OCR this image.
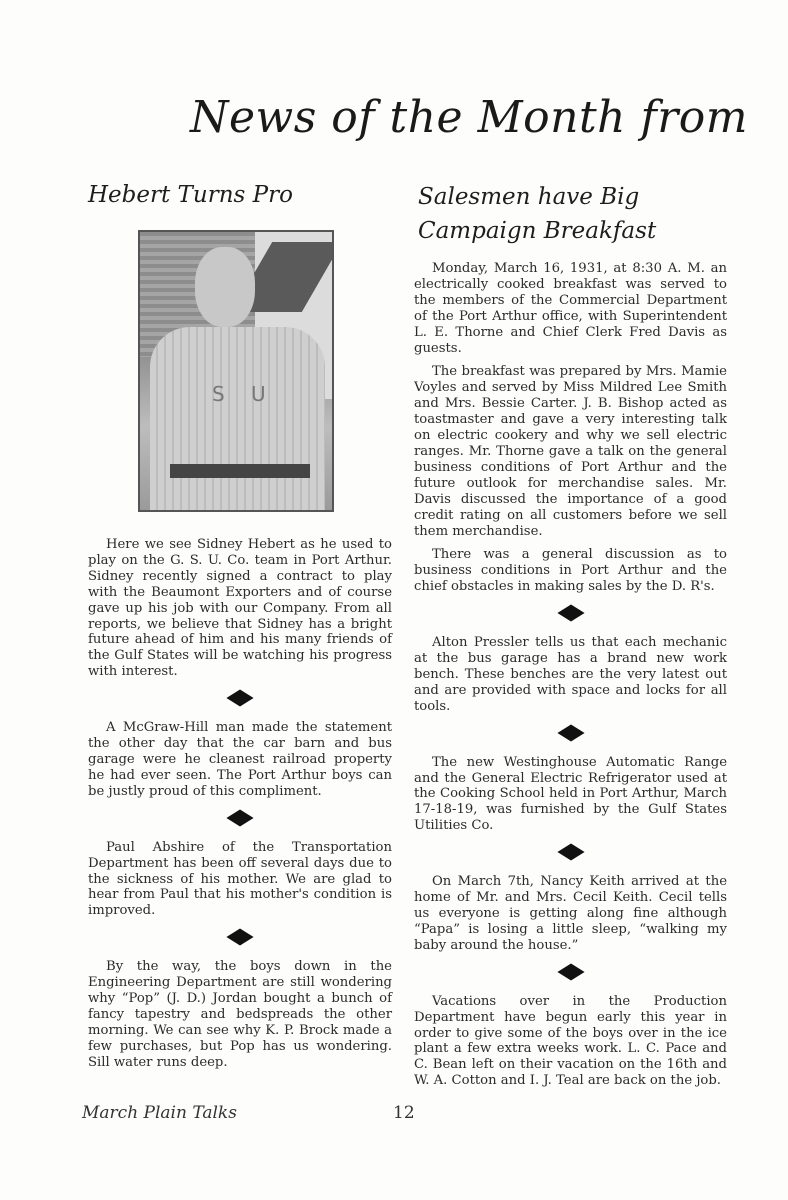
News of the Month from
Hebert Turns Pro	Salesmen have Big
Campaign Breakfast
S U

Here we see Sidney Hebert as he used to play on the G. S. U. Co. team in Port Arthur. Sidney recently signed a contract to play with the Beaumont Exporters and of course gave up his job with our Company. From all reports, we believe that Sidney has a bright future ahead of him and his many friends of the Gulf States will be watching his progress with interest.

A McGraw-Hill man made the statement the other day that the car barn and bus garage were he cleanest railroad property he had ever seen. The Port Arthur boys can be justly proud of this compliment.

Paul Abshire of the Transportation Department has been off several days due to the sickness of his mother. We are glad to hear from Paul that his mother's condition is improved.

By the way, the boys down in the Engineering Department are still wondering why “Pop” (J. D.) Jordan bought a bunch of fancy tapestry and bedspreads the other morning. We can see why K. P. Brock made a few purchases, but Pop has us wondering. Sill water runs deep.

Monday, March 16, 1931, at 8:30 A. M. an electrically cooked breakfast was served to the members of the Commercial Department of the Port Arthur office, with Superintendent L. E. Thorne and Chief Clerk Fred Davis as guests.

The breakfast was prepared by Mrs. Mamie Voyles and served by Miss Mildred Lee Smith and Mrs. Bessie Carter. J. B. Bishop acted as toastmaster and gave a very interesting talk on electric cookery and why we sell electric ranges. Mr. Thorne gave a talk on the general business conditions of Port Arthur and the future outlook for merchandise sales. Mr. Davis discussed the importance of a good credit rating on all customers before we sell them merchandise.

There was a general discussion as to business conditions in Port Arthur and the chief obstacles in making sales by the D. R's.

Alton Pressler tells us that each mechanic at the bus garage has a brand new work bench. These benches are the very latest out and are provided with space and locks for all tools.

The new Westinghouse Automatic Range and the General Electric Refrigerator used at the Cooking School held in Port Arthur, March 17-18-19, was furnished by the Gulf States Utilities Co.

On March 7th, Nancy Keith arrived at the home of Mr. and Mrs. Cecil Keith. Cecil tells us everyone is getting along fine although “Papa” is losing a little sleep, “walking my baby around the house.”

Vacations over in the Production Department have begun early this year in order to give some of the boys over in the ice plant a few extra weeks work. L. C. Pace and C. Bean left on their vacation on the 16th and W. A. Cotton and I. J. Teal are back on the job.

March Plain Talks	12
